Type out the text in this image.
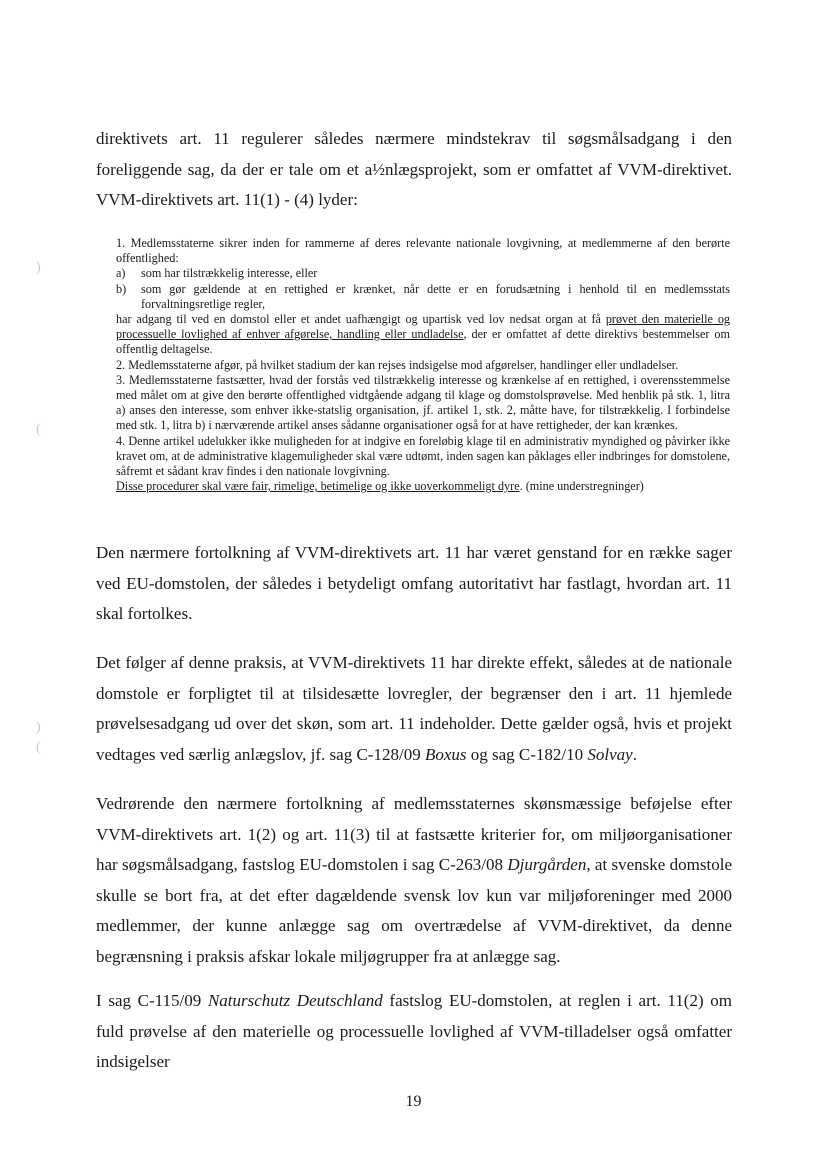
direktivets art. 11 regulerer således nærmere mindstekrav til søgsmålsadgang i den foreliggende sag, da der er tale om et a½nlægsprojekt, som er omfattet af VVM-direktivet. VVM-direktivets art. 11(1) - (4) lyder:

1. Medlemsstaterne sikrer inden for rammerne af deres relevante nationale lovgivning, at medlemmerne af den berørte offentlighed:
a)	som har tilstrækkelig interesse, eller
b)	som gør gældende at en rettighed er krænket, når dette er en forudsætning i henhold til en medlemsstats forvaltningsretlige regler,
har adgang til ved en domstol eller et andet uafhængigt og upartisk ved lov nedsat organ at få prøvet den materielle og processuelle lovlighed af enhver afgørelse, handling eller undladelse, der er omfattet af dette direktivs bestemmelser om offentlig deltagelse.
2. Medlemsstaterne afgør, på hvilket stadium der kan rejses indsigelse mod afgørelser, handlinger eller undladelser.
3. Medlemsstaterne fastsætter, hvad der forstås ved tilstrækkelig interesse og krænkelse af en rettighed, i overensstemmelse med målet om at give den berørte offentlighed vidtgående adgang til klage og domstolsprøvelse. Med henblik på stk. 1, litra a) anses den interesse, som enhver ikke-statslig organisation, jf. artikel 1, stk. 2, måtte have, for tilstrækkelig. I forbindelse med stk. 1, litra b) i nærværende artikel anses sådanne organisationer også for at have rettigheder, der kan krænkes.
4. Denne artikel udelukker ikke muligheden for at indgive en foreløbig klage til en administrativ myndighed og påvirker ikke kravet om, at de administrative klagemuligheder skal være udtømt, inden sagen kan påklages eller indbringes for domstolene, såfremt et sådant krav findes i den nationale lovgivning.
Disse procedurer skal være fair, rimelige, betimelige og ikke uoverkommeligt dyre. (mine understregninger)

Den nærmere fortolkning af VVM-direktivets art. 11 har været genstand for en række sager ved EU-domstolen, der således i betydeligt omfang autoritativt har fastlagt, hvordan art. 11 skal fortolkes.

Det følger af denne praksis, at VVM-direktivets 11 har direkte effekt, således at de nationale domstole er forpligtet til at tilsidesætte lovregler, der begrænser den i art. 11 hjemlede prøvelsesadgang ud over det skøn, som art. 11 indeholder. Dette gælder også, hvis et projekt vedtages ved særlig anlægslov, jf. sag C-128/09 Boxus og sag C-182/10 Solvay.

Vedrørende den nærmere fortolkning af medlemsstaternes skønsmæssige beføjelse efter VVM-direktivets art. 1(2) og art. 11(3) til at fastsætte kriterier for, om miljøorganisationer har søgsmålsadgang, fastslog EU-domstolen i sag C-263/08 Djurgården, at svenske domstole skulle se bort fra, at det efter dagældende svensk lov kun var miljøforeninger med 2000 medlemmer, der kunne anlægge sag om overtrædelse af VVM-direktivet, da denne begrænsning i praksis afskar lokale miljøgrupper fra at anlægge sag.

I sag C-115/09 Naturschutz Deutschland fastslog EU-domstolen, at reglen i art. 11(2) om fuld prøvelse af den materielle og processuelle lovlighed af VVM-tilladelser også omfatter indsigelser

19
)
(
)
(
